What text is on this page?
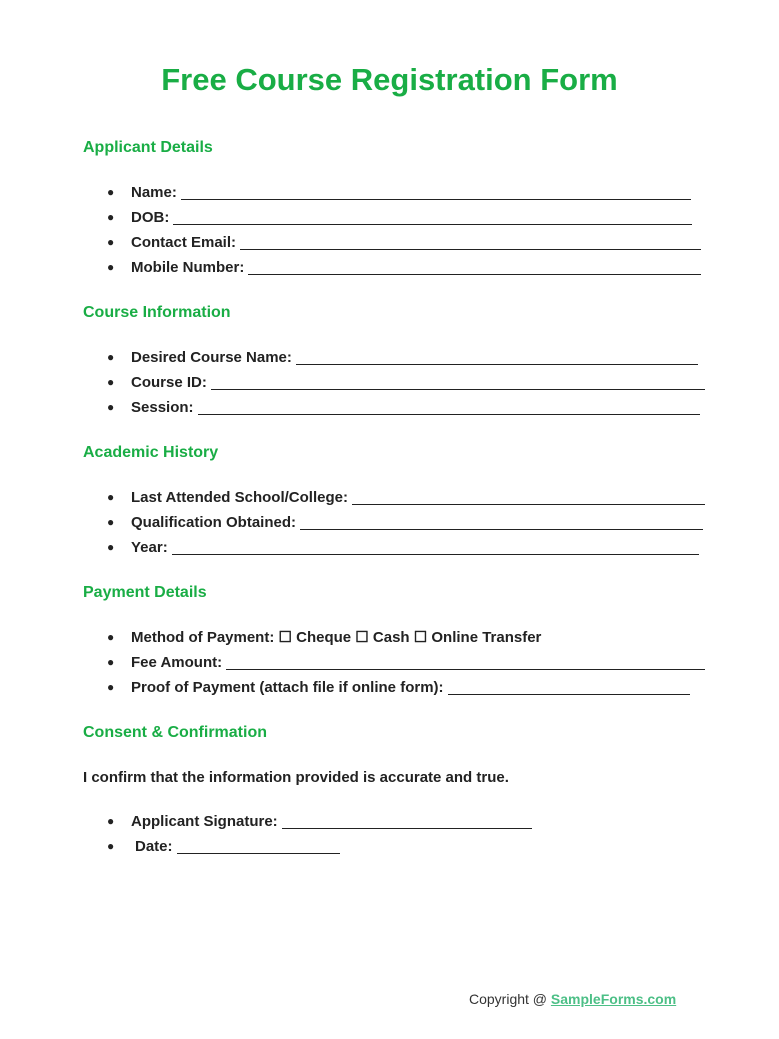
Free Course Registration Form
Applicant Details
● Name:
● DOB:
● Contact Email:
● Mobile Number:
Course Information
● Desired Course Name:
● Course ID:
● Session:
Academic History
● Last Attended School/College:
● Qualification Obtained:
● Year:
Payment Details
● Method of Payment: ☐ Cheque ☐ Cash ☐ Online Transfer
● Fee Amount:
● Proof of Payment (attach file if online form):
Consent & Confirmation

I confirm that the information provided is accurate and true.

● Applicant Signature:
● Date:
Copyright @ SampleForms.com
